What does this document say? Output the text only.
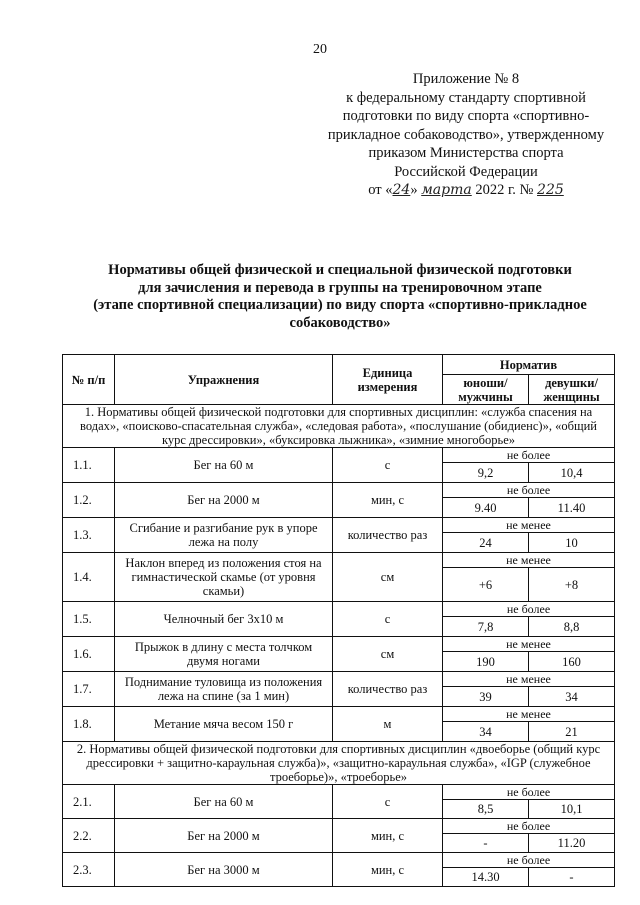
20
Приложение № 8
к федеральному стандарту спортивной
подготовки по виду спорта «спортивно-
прикладное собаководство», утвержденному
приказом Министерства спорта
Российской Федерации
от «24» марта 2022 г. № 225
Нормативы общей физической и специальной физической подготовки
для зачисления и перевода в группы на тренировочном этапе
(этапе спортивной специализации) по виду спорта «спортивно-прикладное
собаководство»
№ п/п	Упражнения	Единица измерения	Норматив	
			юноши/ мужчины	девушки/ женщины
1. Нормативы общей физической подготовки для спортивных дисциплин: «служба спасения на водах», «поисково-спасательная служба», «следовая работа», «послушание (обидиенс)», «общий курс дрессировки», «буксировка лыжника», «зимние многоборье»				
1.1.	Бег на 60 м	с	не более	
			9,2	10,4
1.2.	Бег на 2000 м	мин, с	не более	
			9.40	11.40
1.3.	Сгибание и разгибание рук в упоре лежа на полу	количество раз	не менее	
			24	10
1.4.	Наклон вперед из положения стоя на гимнастической скамье (от уровня скамьи)	см	не менее	
			+6	+8
1.5.	Челночный бег 3х10 м	с	не более	
			7,8	8,8
1.6.	Прыжок в длину с места толчком двумя ногами	см	не менее	
			190	160
1.7.	Поднимание туловища из положения лежа на спине (за 1 мин)	количество раз	не менее	
			39	34
1.8.	Метание мяча весом 150 г	м	не менее	
			34	21
2. Нормативы общей физической подготовки для спортивных дисциплин «двоеборье (общий курс дрессировки + защитно-караульная служба)», «защитно-караульная служба», «IGP (служебное троеборье)», «троеборье»				
2.1.	Бег на 60 м	с	не более	
			8,5	10,1
2.2.	Бег на 2000 м	мин, с	не более	
			-	11.20
2.3.	Бег на 3000 м	мин, с	не более	
			14.30	-
